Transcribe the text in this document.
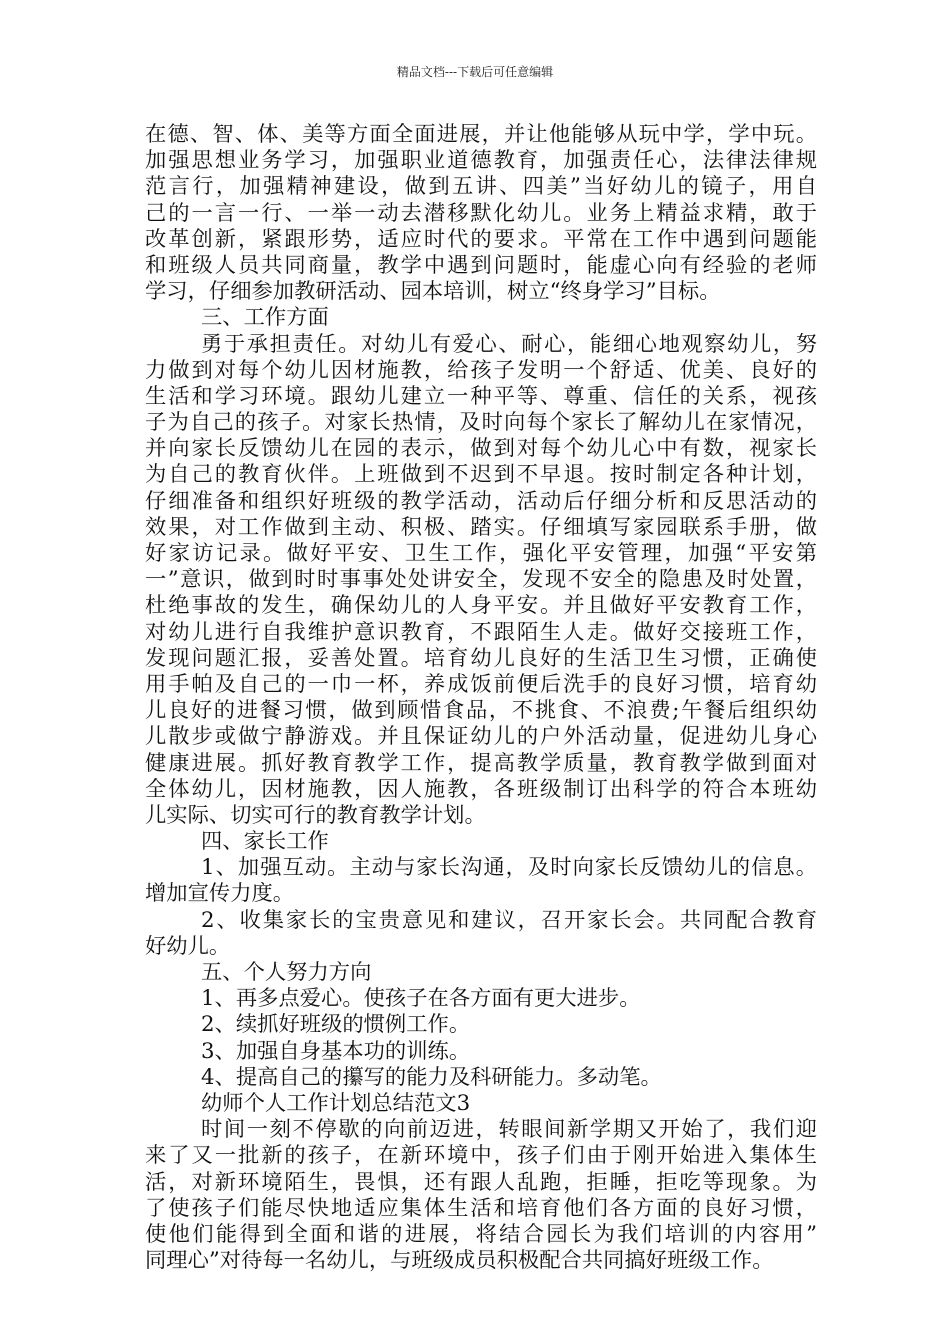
精品文档---下载后可任意编辑
在德、智、体、美等方面全面进展，并让他能够从玩中学，学中玩。
加强思想业务学习，加强职业道德教育，加强责任心，法律法律规
范言行，加强精神建设，做到五讲、四美”当好幼儿的镜子，用自
己的一言一行、一举一动去潜移默化幼儿。业务上精益求精，敢于
改革创新，紧跟形势，适应时代的要求。平常在工作中遇到问题能
和班级人员共同商量，教学中遇到问题时，能虚心向有经验的老师
学习，仔细参加教研活动、园本培训，树立“终身学习”目标。
三、工作方面
勇于承担责任。对幼儿有爱心、耐心，能细心地观察幼儿，努
力做到对每个幼儿因材施教，给孩子发明一个舒适、优美、良好的
生活和学习环境。跟幼儿建立一种平等、尊重、信任的关系，视孩
子为自己的孩子。对家长热情，及时向每个家长了解幼儿在家情况，
并向家长反馈幼儿在园的表示，做到对每个幼儿心中有数，视家长
为自己的教育伙伴。上班做到不迟到不早退。按时制定各种计划，
仔细准备和组织好班级的教学活动，活动后仔细分析和反思活动的
效果，对工作做到主动、积极、踏实。仔细填写家园联系手册，做
好家访记录。做好平安、卫生工作，强化平安管理，加强“平安第
一”意识，做到时时事事处处讲安全，发现不安全的隐患及时处置，
杜绝事故的发生，确保幼儿的人身平安。并且做好平安教育工作，
对幼儿进行自我维护意识教育，不跟陌生人走。做好交接班工作，
发现问题汇报，妥善处置。培育幼儿良好的生活卫生习惯，正确使
用手帕及自己的一巾一杯，养成饭前便后洗手的良好习惯，培育幼
儿良好的进餐习惯，做到顾惜食品，不挑食、不浪费;午餐后组织幼
儿散步或做宁静游戏。并且保证幼儿的户外活动量，促进幼儿身心
健康进展。抓好教育教学工作，提高教学质量，教育教学做到面对
全体幼儿，因材施教，因人施教，各班级制订出科学的符合本班幼
儿实际、切实可行的教育教学计划。
四、家长工作
1、加强互动。主动与家长沟通，及时向家长反馈幼儿的信息。
增加宣传力度。
2、收集家长的宝贵意见和建议，召开家长会。共同配合教育
好幼儿。
五、个人努力方向
1、再多点爱心。使孩子在各方面有更大进步。
2、续抓好班级的惯例工作。
3、加强自身基本功的训练。
4、提高自己的攥写的能力及科研能力。多动笔。
幼师个人工作计划总结范文3
时间一刻不停歇的向前迈进，转眼间新学期又开始了，我们迎
来了又一批新的孩子，在新环境中，孩子们由于刚开始进入集体生
活，对新环境陌生，畏惧，还有跟人乱跑，拒睡，拒吃等现象。为
了使孩子们能尽快地适应集体生活和培育他们各方面的良好习惯，
使他们能得到全面和谐的进展，将结合园长为我们培训的内容用”
同理心”对待每一名幼儿，与班级成员积极配合共同搞好班级工作。
